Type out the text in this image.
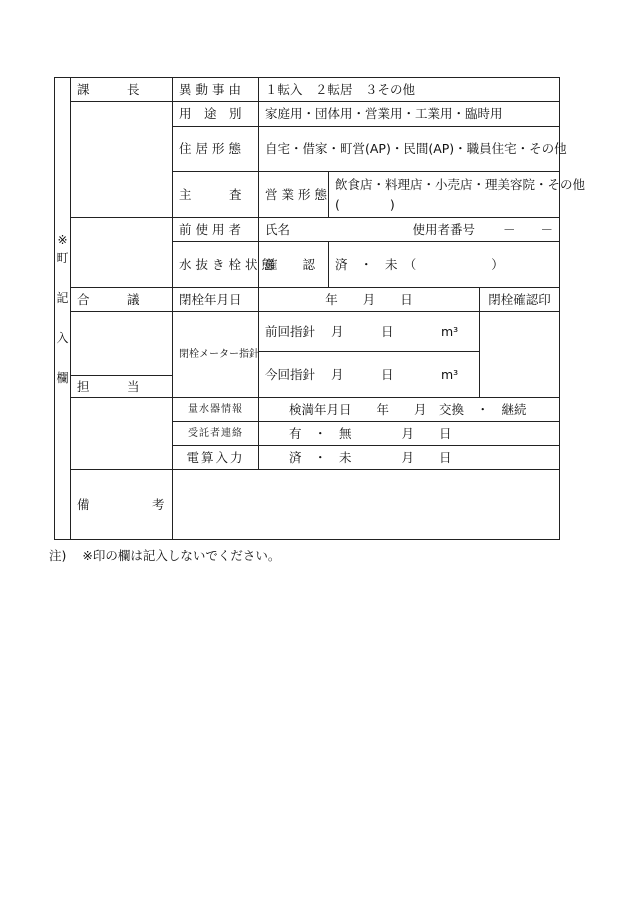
※
町
記
入
欄	課　　　長	異動事由	１転入　２転居　３その他		
		用　途　別	家庭用・団体用・営業用・工業用・臨時用		
		住居形態	自宅・借家・町営(AP)・民間(AP)・職員住宅・その他		
		主　　　査	営業形態	飲食店・料理店・小売店・理美容院・その他
(　　　　)	

		前使用者	氏名 使用者番号 －　　－		

		水抜き栓状態	確　　認	済　・　未　（　　　　　　）	
	合　　　議	閉栓年月日	年　　月　　日		閉栓確認印
		閉栓メーター指針	前回指針 月　　　日 m³		

			今回指針 月　　　日 m³		

	担　　　当				
		量水器情報	検満年月日　　年　　月　交換　・　継続		
		受託者連絡	有　・　無　　　　月　　日		
		電算入力	済　・　未　　　　月　　日		
	備　　　　　考				
注) ※印の欄は記入しないでください。
